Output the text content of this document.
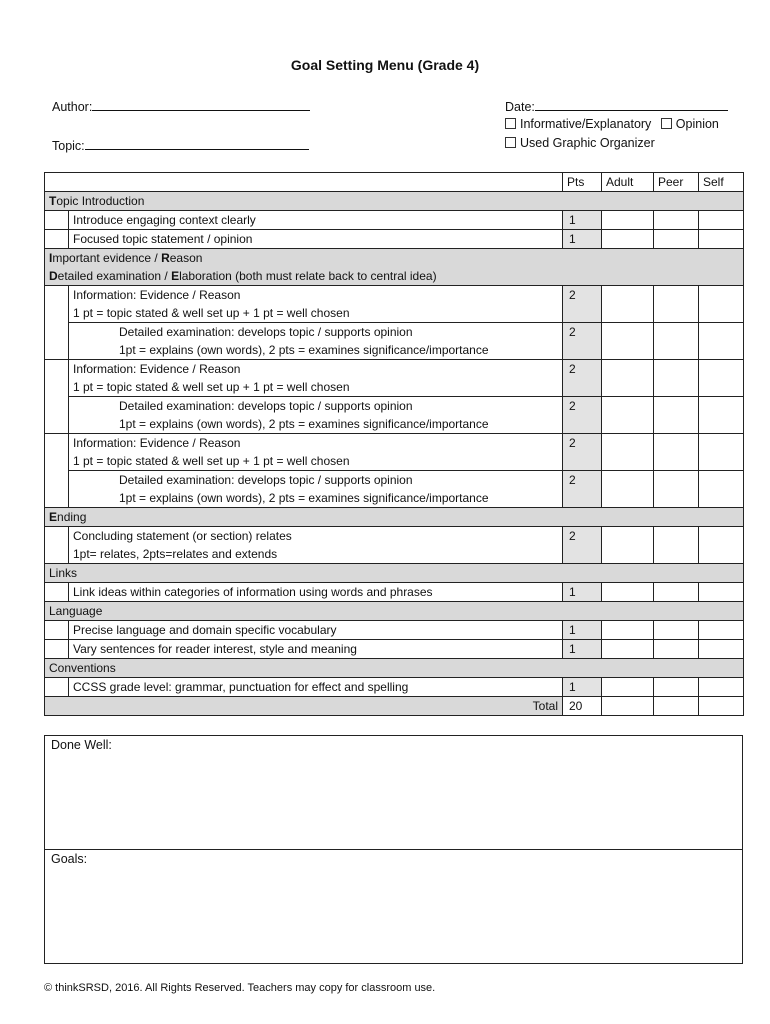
Goal Setting Menu (Grade 4)
Author:
Topic:
Date:
Informative/Explanatory Opinion
Used Graphic Organizer
		Pts	Adult	Peer	Self
Topic Introduction					
	Introduce engaging context clearly	1			
	Focused topic statement / opinion	1			

Important evidence / Reason
Detailed examination / Elaboration (both must relate back to central idea)					

	Information: Evidence / Reason
1 pt = topic stated & well set up + 1 pt = well chosen	2			

	Detailed examination: develops topic / supports opinion
1pt = explains (own words), 2 pts = examines significance/importance	2			

	Information: Evidence / Reason
1 pt = topic stated & well set up + 1 pt = well chosen	2			

	Detailed examination: develops topic / supports opinion
1pt = explains (own words), 2 pts = examines significance/importance	2			

	Information: Evidence / Reason
1 pt = topic stated & well set up + 1 pt = well chosen	2			

	Detailed examination: develops topic / supports opinion
1pt = explains (own words), 2 pts = examines significance/importance	2			
Ending					

	Concluding statement (or section) relates
1pt= relates, 2pts=relates and extends	2			
Links					
	Link ideas within categories of information using words and phrases	1			
Language					
	Precise language and domain specific vocabulary	1			
	Vary sentences for reader interest, style and meaning	1			
Conventions					
	CCSS grade level: grammar, punctuation for effect and spelling	1			
Total		20			
Done Well:
Goals:
© thinkSRSD, 2016. All Rights Reserved. Teachers may copy for classroom use.
